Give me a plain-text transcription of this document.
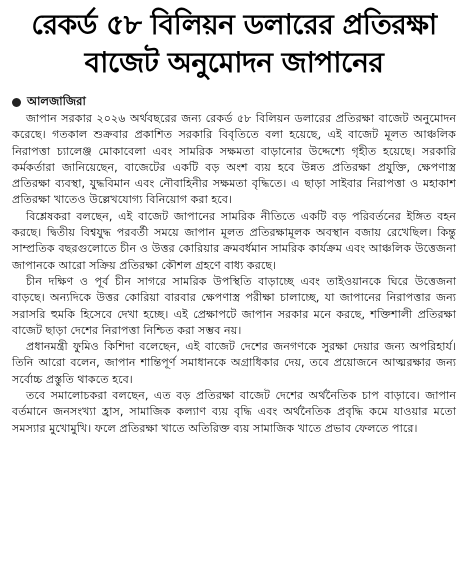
রেকর্ড ৫৮ বিলিয়ন ডলারের প্রতিরক্ষা
বাজেট অনুমোদন জাপানের
আলজাজিরা

জাপান সরকার ২০২৬ অর্থবছরের জন্য রেকর্ড ৫৮ বিলিয়ন ডলারের প্রতিরক্ষা বাজেট অনুমোদন করেছে। গতকাল শুক্রবার প্রকাশিত সরকারি বিবৃতিতে বলা হয়েছে, এই বাজেট মূলত আঞ্চলিক নিরাপত্তা চ্যালেঞ্জ মোকাবেলা এবং সামরিক সক্ষমতা বাড়ানোর উদ্দেশ্যে গৃহীত হয়েছে। সরকারি কর্মকর্তারা জানিয়েছেন, বাজেটের একটি বড় অংশ ব্যয় হবে উন্নত প্রতিরক্ষা প্রযুক্তি, ক্ষেপণাস্ত্র প্রতিরক্ষা ব্যবস্থা, যুদ্ধবিমান এবং নৌবাহিনীর সক্ষমতা বৃদ্ধিতে। এ ছাড়া সাইবার নিরাপত্তা ও মহাকাশ প্রতিরক্ষা খাতেও উল্লেখযোগ্য বিনিয়োগ করা হবে।

বিশ্লেষকরা বলছেন, এই বাজেট জাপানের সামরিক নীতিতে একটি বড় পরিবর্তনের ইঙ্গিত বহন করছে। দ্বিতীয় বিশ্বযুদ্ধ পরবর্তী সময়ে জাপান মূলত প্রতিরক্ষামূলক অবস্থান বজায় রেখেছিল। কিন্তু সাম্প্রতিক বছরগুলোতে চীন ও উত্তর কোরিয়ার ক্রমবর্ধমান সামরিক কার্যক্রম এবং আঞ্চলিক উত্তেজনা জাপানকে আরো সক্রিয় প্রতিরক্ষা কৌশল গ্রহণে বাধ্য করছে।

চীন দক্ষিণ ও পূর্ব চীন সাগরে সামরিক উপস্থিতি বাড়াচ্ছে এবং তাইওয়ানকে ঘিরে উত্তেজনা বাড়ছে। অন্যদিকে উত্তর কোরিয়া বারবার ক্ষেপণাস্ত্র পরীক্ষা চালাচ্ছে, যা জাপানের নিরাপত্তার জন্য সরাসরি হুমকি হিসেবে দেখা হচ্ছে। এই প্রেক্ষাপটে জাপান সরকার মনে করছে, শক্তিশালী প্রতিরক্ষা বাজেট ছাড়া দেশের নিরাপত্তা নিশ্চিত করা সম্ভব নয়।

প্রধানমন্ত্রী ফুমিও কিশিদা বলেছেন, এই বাজেট দেশের জনগণকে সুরক্ষা দেয়ার জন্য অপরিহার্য। তিনি আরো বলেন, জাপান শান্তিপূর্ণ সমাধানকে অগ্রাধিকার দেয়, তবে প্রয়োজনে আত্মরক্ষার জন্য সর্বোচ্চ প্রস্তুতি থাকতে হবে।

তবে সমালোচকরা বলছেন, এত বড় প্রতিরক্ষা বাজেট দেশের অর্থনৈতিক চাপ বাড়াবে। জাপান বর্তমানে জনসংখ্যা হ্রাস, সামাজিক কল্যাণ ব্যয় বৃদ্ধি এবং অর্থনৈতিক প্রবৃদ্ধি কমে যাওয়ার মতো সমস্যার মুখোমুখি। ফলে প্রতিরক্ষা খাতে অতিরিক্ত ব্যয় সামাজিক খাতে প্রভাব ফেলতে পারে।
